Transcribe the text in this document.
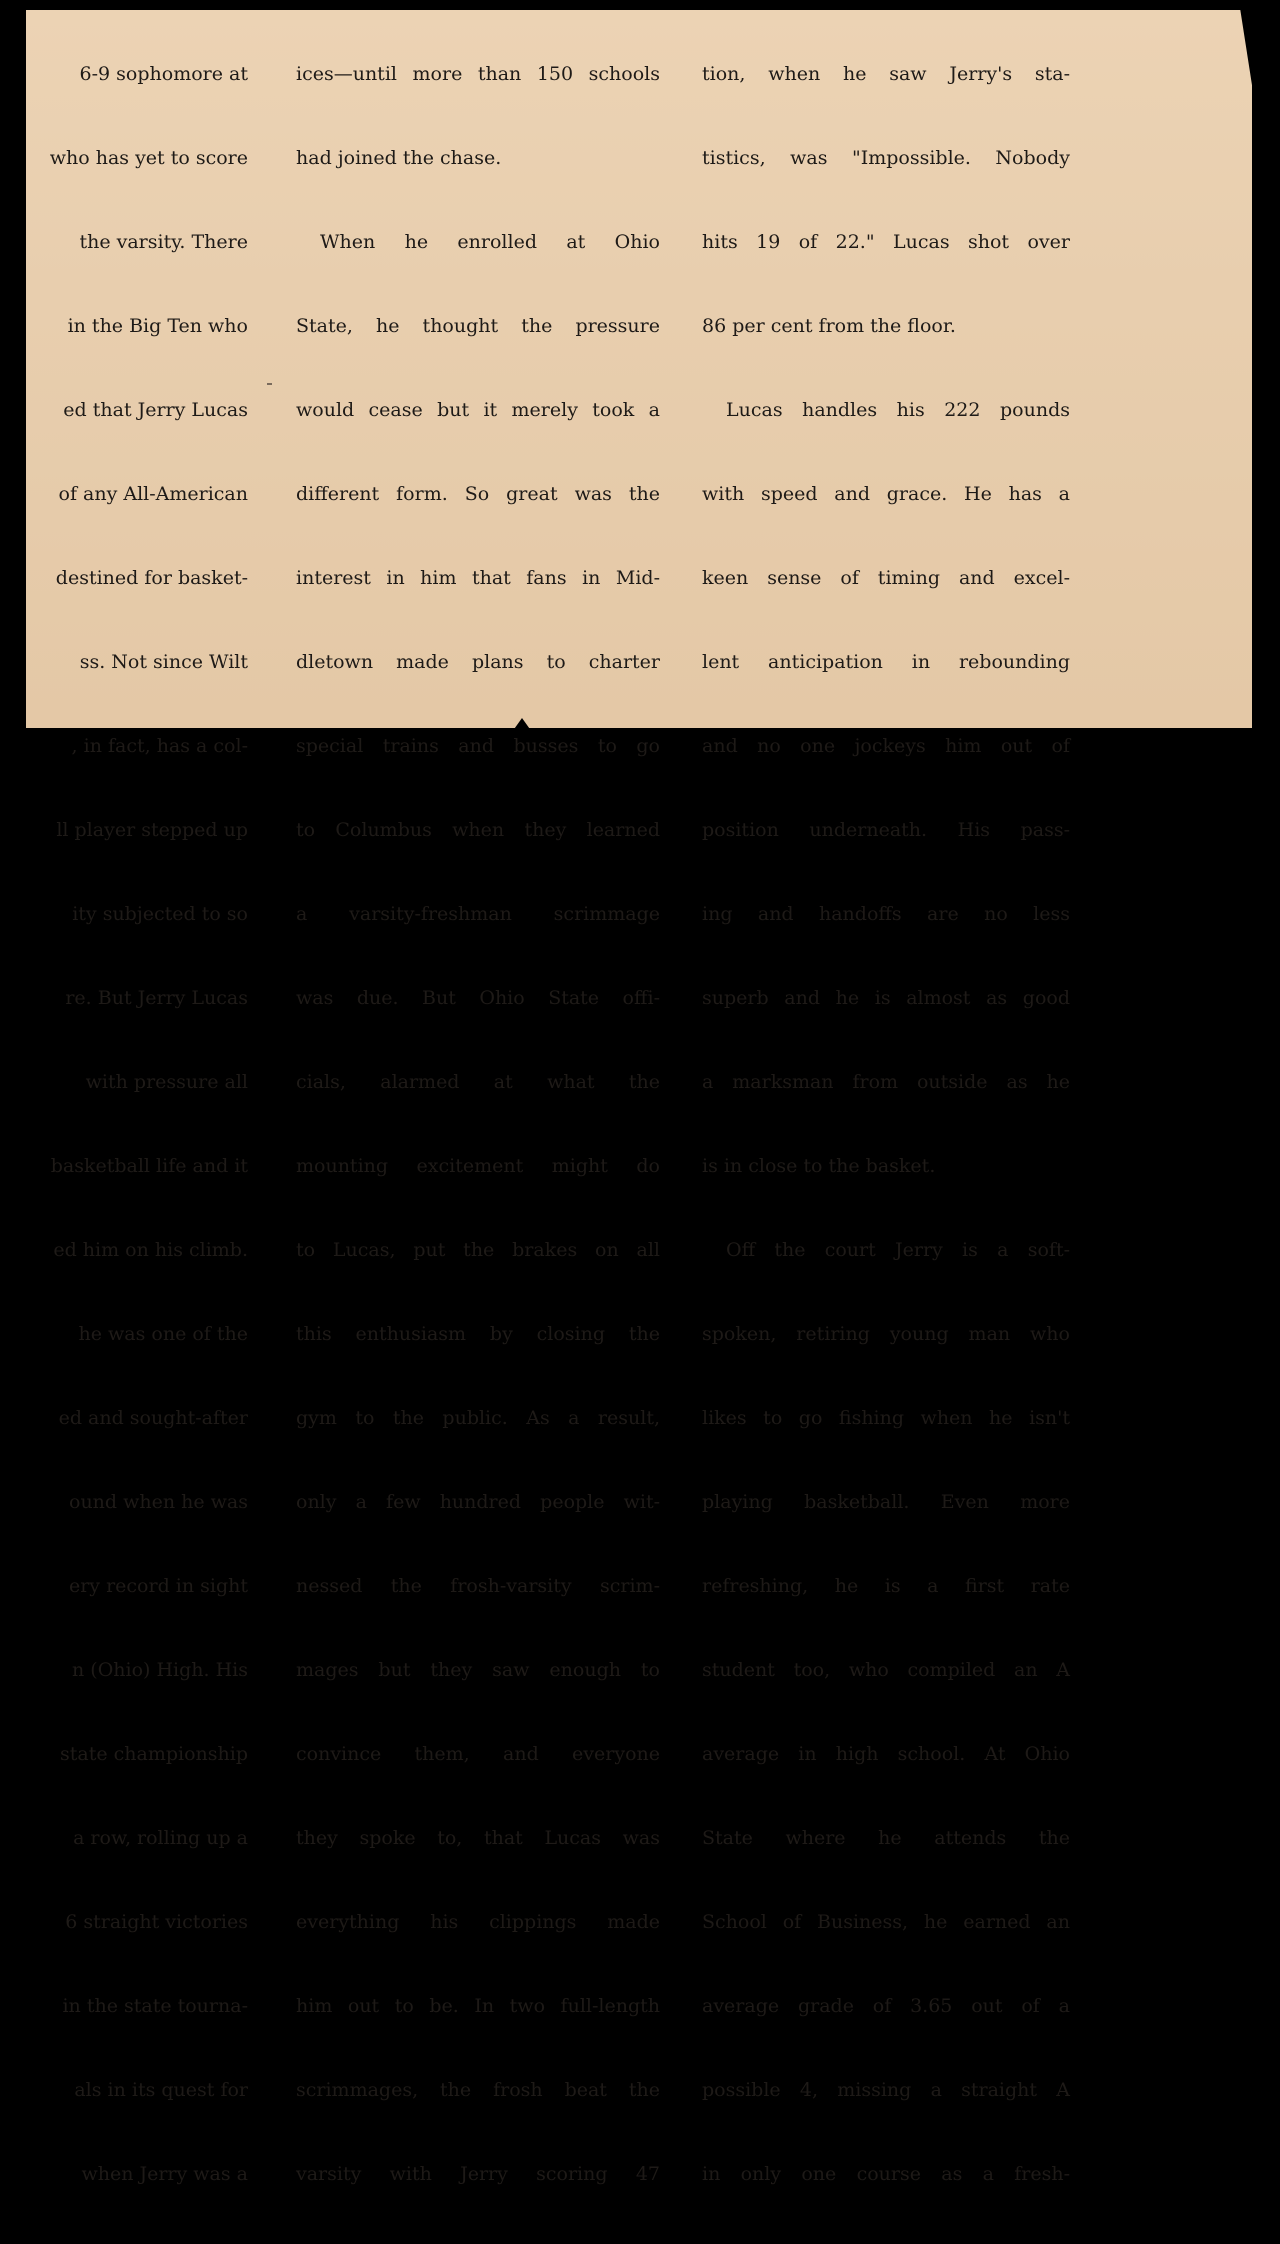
6-9 sophomore at

who has yet to score

the varsity. There

in the Big Ten who

ed that Jerry Lucas

of any All-American

destined for basket-

ss. Not since Wilt

, in fact, has a col-

ll player stepped up

ity subjected to so

re. But Jerry Lucas

with pressure all

basketball life and it

ed him on his climb.

he was one of the

ed and sought-after

ound when he was

ery record in sight

n (Ohio) High. His

state championship

a row, rolling up a

6 straight victories

in the state tourna-

als in its quest for

when Jerry was a

ices—until more than 150 schools

had joined the chase.

When he enrolled at Ohio

State, he thought the pressure

would cease but it merely took a

different form. So great was the

interest in him that fans in Mid-

dletown made plans to charter

special trains and busses to go

to Columbus when they learned

a varsity-freshman scrimmage

was due. But Ohio State offi-

cials, alarmed at what the

mounting excitement might do

to Lucas, put the brakes on all

this enthusiasm by closing the

gym to the public. As a result,

only a few hundred people wit-

nessed the frosh-varsity scrim-

mages but they saw enough to

convince them, and everyone

they spoke to, that Lucas was

everything his clippings made

him out to be. In two full-length

scrimmages, the frosh beat the

varsity with Jerry scoring 47

tion, when he saw Jerry's sta-

tistics, was "Impossible. Nobody

hits 19 of 22." Lucas shot over

86 per cent from the floor.

Lucas handles his 222 pounds

with speed and grace. He has a

keen sense of timing and excel-

lent anticipation in rebounding

and no one jockeys him out of

position underneath. His pass-

ing and handoffs are no less

superb and he is almost as good

a marksman from outside as he

is in close to the basket.

Off the court Jerry is a soft-

spoken, retiring young man who

likes to go fishing when he isn't

playing basketball. Even more

refreshing, he is a first rate

student too, who compiled an A

average in high school. At Ohio

State where he attends the

School of Business, he earned an

average grade of 3.65 out of a

possible 4, missing a straight A

in only one course as a fresh-
